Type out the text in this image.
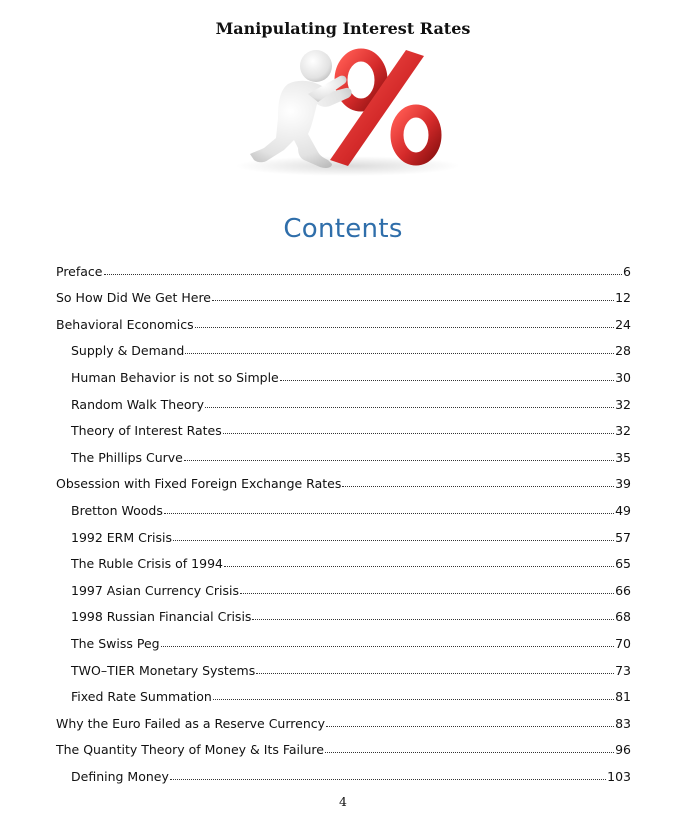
Manipulating Interest Rates
Contents
Preface	6
So How Did We Get Here	12
Behavioral Economics	24
Supply & Demand	28
Human Behavior is not so Simple	30
Random Walk Theory	32
Theory of Interest Rates	32
The Phillips Curve	35
Obsession with Fixed Foreign Exchange Rates	39
Bretton Woods	49
1992 ERM Crisis	57
The Ruble Crisis of 1994	65
1997 Asian Currency Crisis	66
1998 Russian Financial Crisis	68
The Swiss Peg	70
TWO–TIER Monetary Systems	73
Fixed Rate Summation	81
Why the Euro Failed as a Reserve Currency	83
The Quantity Theory of Money & Its Failure	96
Defining Money	103
4
